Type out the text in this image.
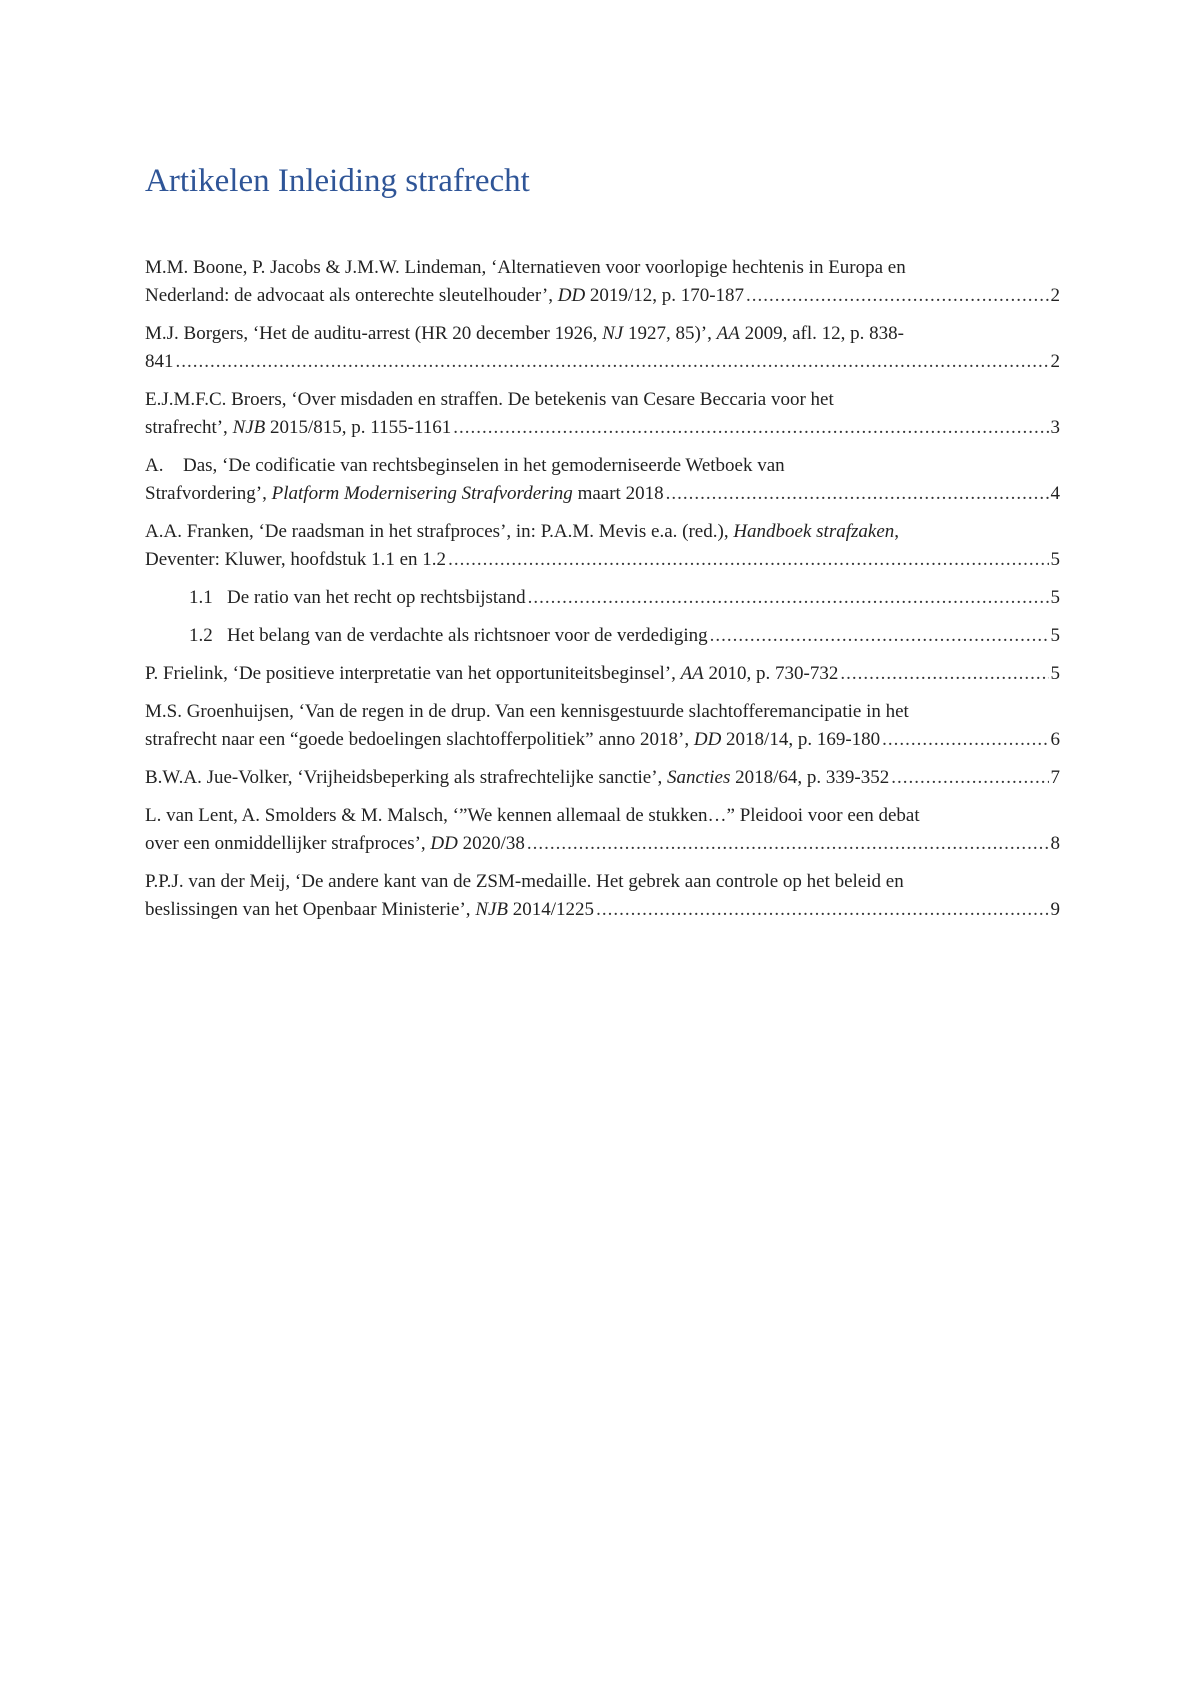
Artikelen Inleiding strafrecht
M.M. Boone, P. Jacobs & J.M.W. Lindeman, ‘Alternatieven voor voorlopige hechtenis in Europa en
Nederland: de advocaat als onterechte sleutelhouder’, DD 2019/12, p. 170-187 .....	2
M.J. Borgers, ‘Het de auditu-arrest (HR 20 december 1926, NJ 1927, 85)’, AA 2009, afl. 12, p. 838-
841 .....	2
E.J.M.F.C. Broers, ‘Over misdaden en straffen. De betekenis van Cesare Beccaria voor het
strafrecht’, NJB 2015/815, p. 1155-1161 .....	3
A. Das, ‘De codificatie van rechtsbeginselen in het gemoderniseerde Wetboek van
Strafvordering’, Platform Modernisering Strafvordering maart 2018 .....	4
A.A. Franken, ‘De raadsman in het strafproces’, in: P.A.M. Mevis e.a. (red.), Handboek strafzaken,
Deventer: Kluwer, hoofdstuk 1.1 en 1.2 .....	5
1.1 De ratio van het recht op rechtsbijstand .....	5
1.2 Het belang van de verdachte als richtsnoer voor de verdediging .....	5
P. Frielink, ‘De positieve interpretatie van het opportuniteitsbeginsel’, AA 2010, p. 730-732 .....	5
M.S. Groenhuijsen, ‘Van de regen in de drup. Van een kennisgestuurde slachtofferemancipatie in het
strafrecht naar een “goede bedoelingen slachtofferpolitiek” anno 2018’, DD 2018/14, p. 169-180 .....	6
B.W.A. Jue-Volker, ‘Vrijheidsbeperking als strafrechtelijke sanctie’, Sancties 2018/64, p. 339-352 .....	7
L. van Lent, A. Smolders & M. Malsch, ‘”We kennen allemaal de stukken…” Pleidooi voor een debat
over een onmiddellijker strafproces’, DD 2020/38 .....	8
P.P.J. van der Meij, ‘De andere kant van de ZSM-medaille. Het gebrek aan controle op het beleid en
beslissingen van het Openbaar Ministerie’, NJB 2014/1225 .....	9
